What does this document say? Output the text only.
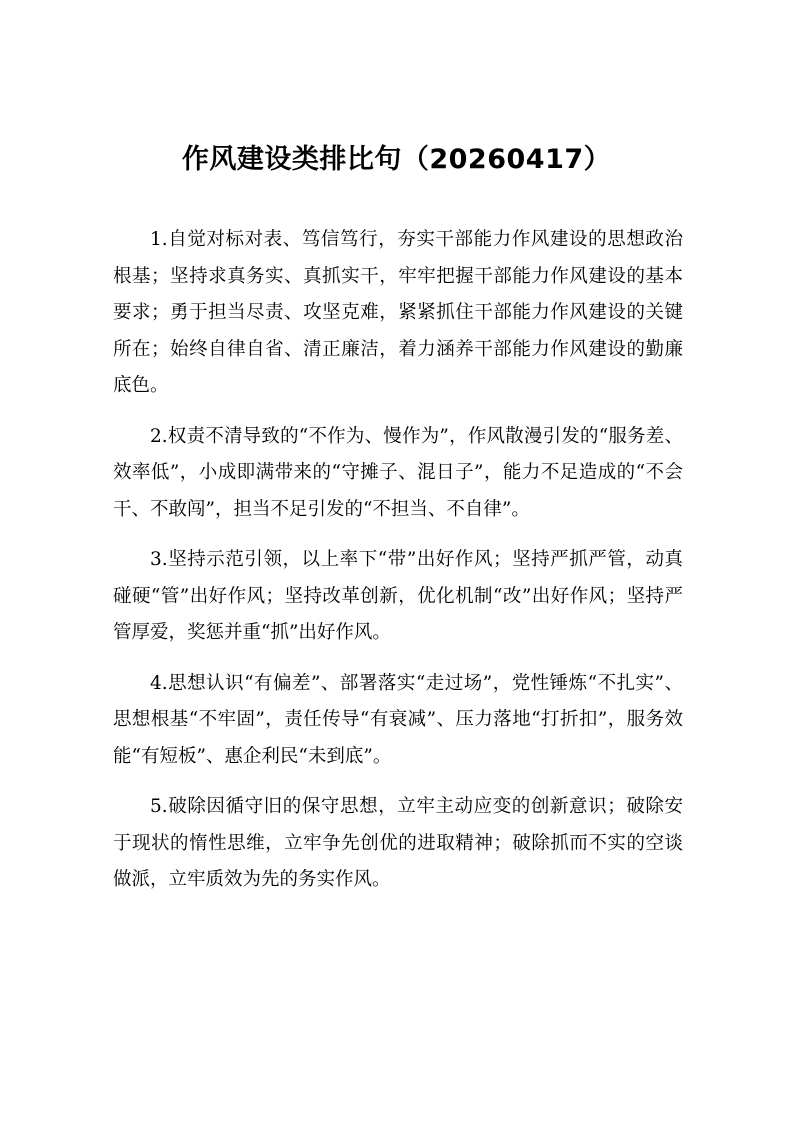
作风建设类排比句（20260417）

1.自觉对标对表、笃信笃行，夯实干部能力作风建设的思想政治根基；坚持求真务实、真抓实干，牢牢把握干部能力作风建设的基本要求；勇于担当尽责、攻坚克难，紧紧抓住干部能力作风建设的关键所在；始终自律自省、清正廉洁，着力涵养干部能力作风建设的勤廉底色。

2.权责不清导致的“不作为、慢作为”，作风散漫引发的“服务差、效率低”，小成即满带来的“守摊子、混日子”，能力不足造成的“不会干、不敢闯”，担当不足引发的“不担当、不自律”。

3.坚持示范引领，以上率下“带”出好作风；坚持严抓严管，动真碰硬“管”出好作风；坚持改革创新，优化机制“改”出好作风；坚持严管厚爱，奖惩并重“抓”出好作风。

4.思想认识“有偏差”、部署落实“走过场”，党性锤炼“不扎实”、思想根基“不牢固”，责任传导“有衰减”、压力落地“打折扣”，服务效能“有短板”、惠企利民“未到底”。

5.破除因循守旧的保守思想，立牢主动应变的创新意识；破除安于现状的惰性思维，立牢争先创优的进取精神；破除抓而不实的空谈做派，立牢质效为先的务实作风。
